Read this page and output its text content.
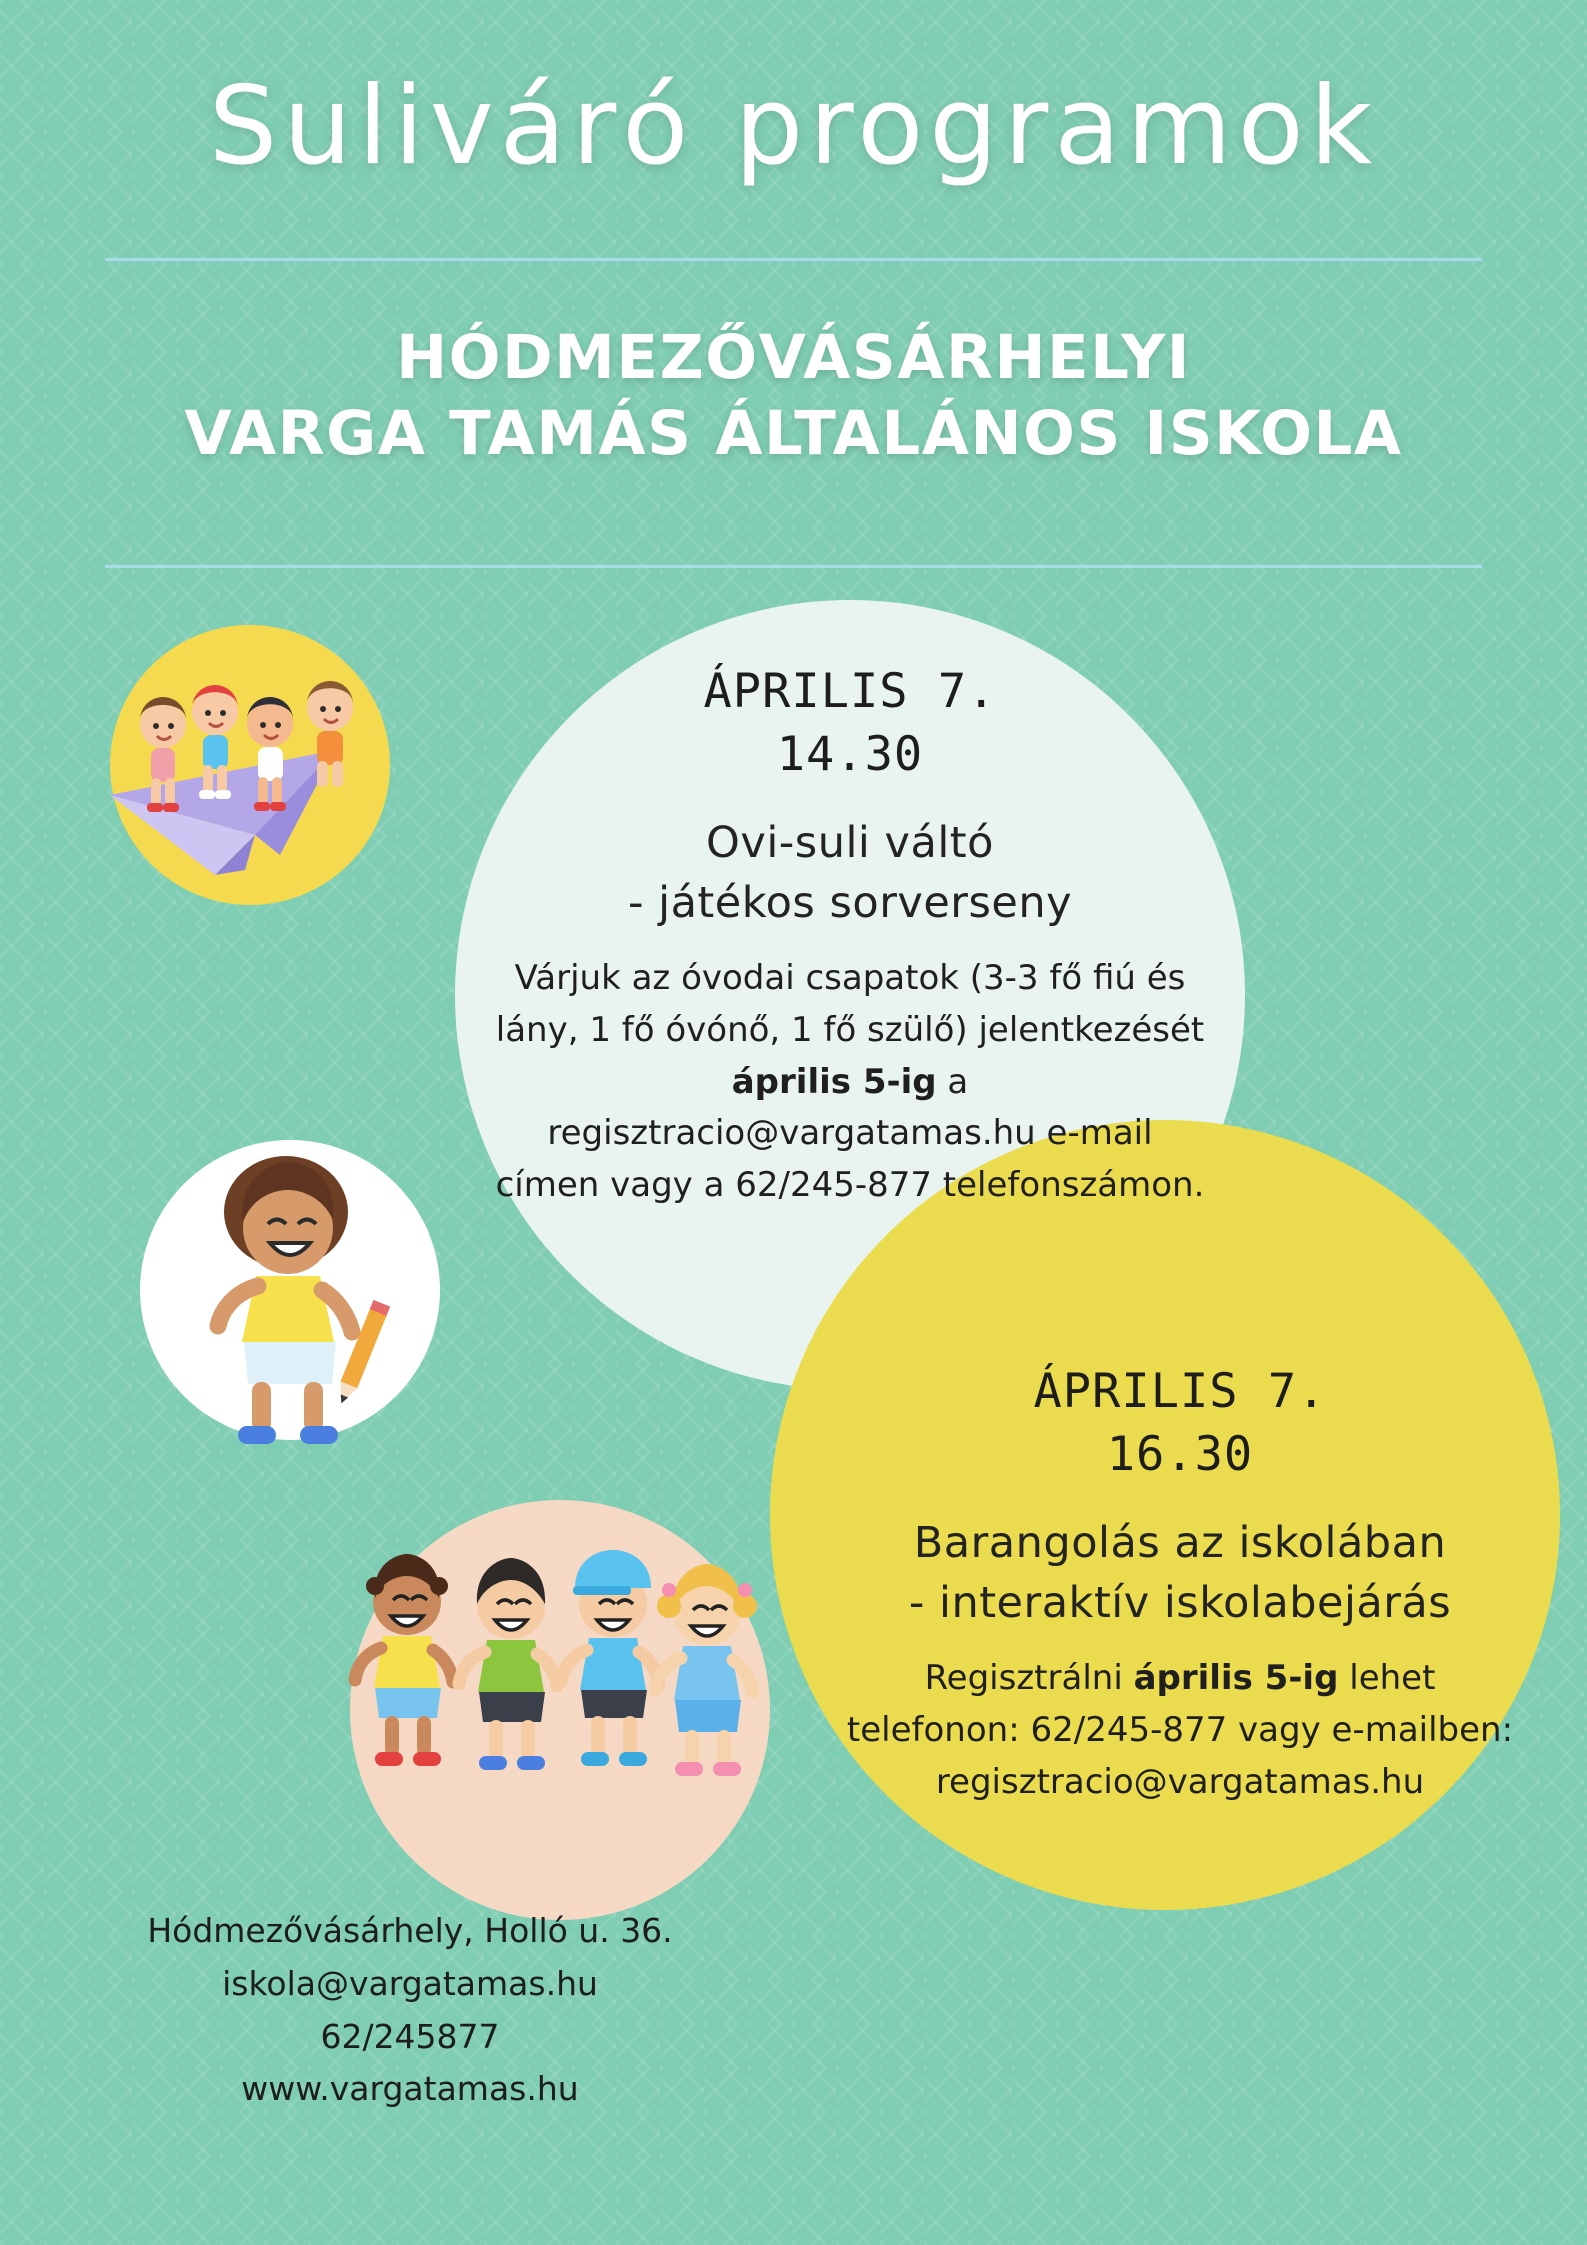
Sulivárό programok
HÓDMEZŐVÁSÁRHELYI
VARGA TAMÁS ÁLTALÁNOS ISKOLA
ÁPRILIS 7.
14.30
Ovi-suli váltó
- játékos sorverseny
Várjuk az óvodai csapatok (3-3 fő fiú és lány, 1 fő óvónő, 1 fő szülő) jelentkezését április 5-ig a regisztracio@vargatamas.hu e-mail címen vagy a 62/245-877 telefonszámon.
ÁPRILIS 7.
16.30
Barangolás az iskolában
- interaktív iskolabejárás
Regisztrálni április 5-ig lehet telefonon: 62/245-877 vagy e-mailben: regisztracio@vargatamas.hu
Hódmezővásárhely, Holló u. 36.
iskola@vargatamas.hu
62/245877
www.vargatamas.hu
